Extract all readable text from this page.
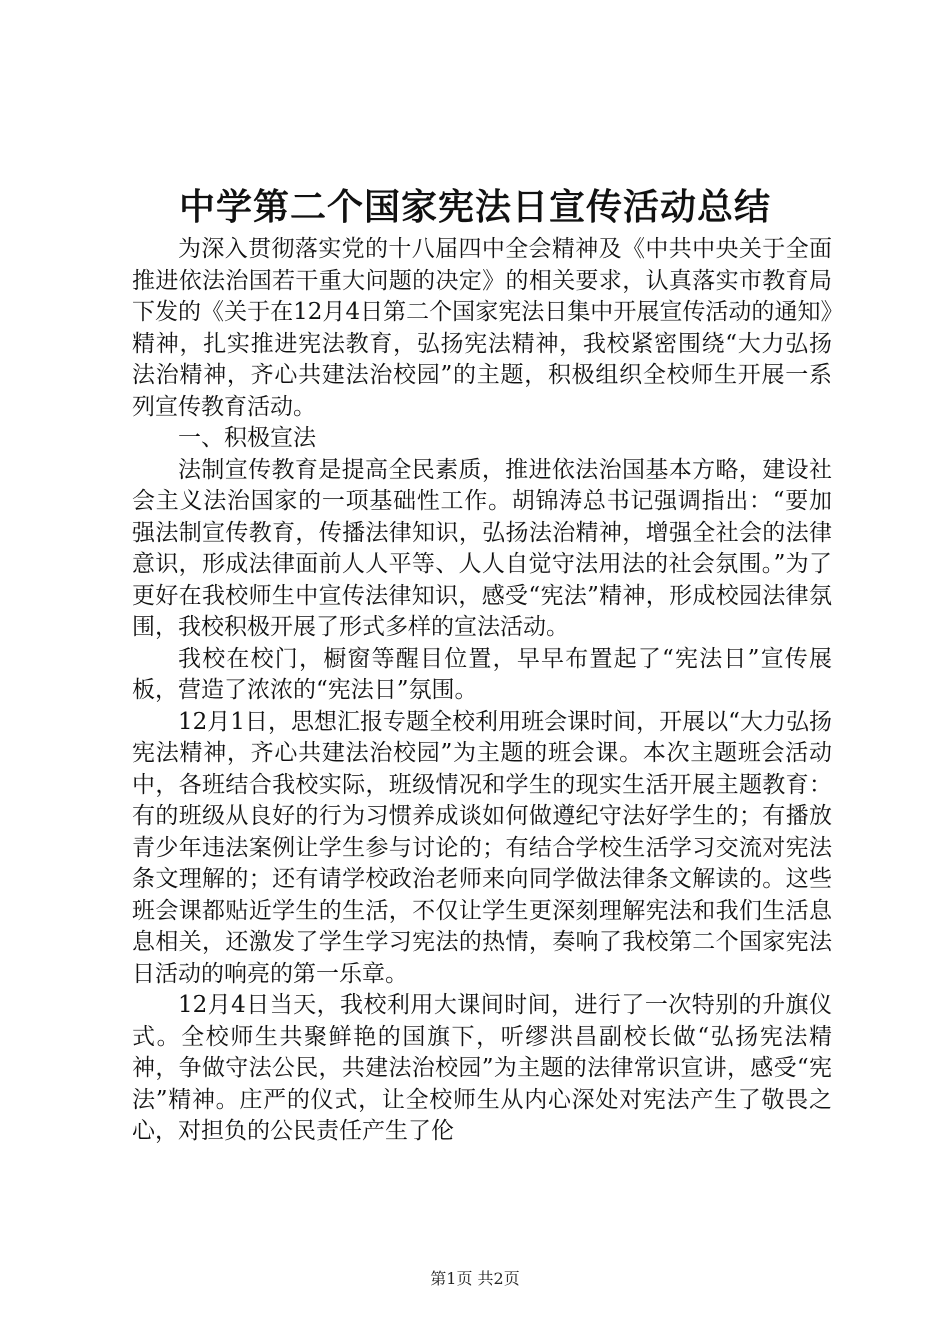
中学第二个国家宪法日宣传活动总结

为深入贯彻落实党的十八届四中全会精神及《中共中央关于全面推进依法治国若干重大问题的决定》的相关要求，认真落实市教育局下发的《关于在12月4日第二个国家宪法日集中开展宣传活动的通知》精神，扎实推进宪法教育，弘扬宪法精神，我校紧密围绕“大力弘扬法治精神，齐心共建法治校园”的主题，积极组织全校师生开展一系列宣传教育活动。

一、积极宣法

法制宣传教育是提高全民素质，推进依法治国基本方略，建设社会主义法治国家的一项基础性工作。胡锦涛总书记强调指出：“要加强法制宣传教育，传播法律知识，弘扬法治精神，增强全社会的法律意识，形成法律面前人人平等、人人自觉守法用法的社会氛围。”为了更好在我校师生中宣传法律知识，感受“宪法”精神，形成校园法律氛围，我校积极开展了形式多样的宣法活动。

我校在校门，橱窗等醒目位置，早早布置起了“宪法日”宣传展板，营造了浓浓的“宪法日”氛围。

12月1日，思想汇报专题全校利用班会课时间，开展以“大力弘扬宪法精神，齐心共建法治校园”为主题的班会课。本次主题班会活动中，各班结合我校实际，班级情况和学生的现实生活开展主题教育：有的班级从良好的行为习惯养成谈如何做遵纪守法好学生的；有播放青少年违法案例让学生参与讨论的；有结合学校生活学习交流对宪法条文理解的；还有请学校政治老师来向同学做法律条文解读的。这些班会课都贴近学生的生活，不仅让学生更深刻理解宪法和我们生活息息相关，还激发了学生学习宪法的热情，奏响了我校第二个国家宪法日活动的响亮的第一乐章。

12月4日当天，我校利用大课间时间，进行了一次特别的升旗仪式。全校师生共聚鲜艳的国旗下，听缪洪昌副校长做“弘扬宪法精神，争做守法公民，共建法治校园”为主题的法律常识宣讲，感受“宪法”精神。庄严的仪式，让全校师生从内心深处对宪法产生了敬畏之心，对担负的公民责任产生了伦

第1页 共2页
